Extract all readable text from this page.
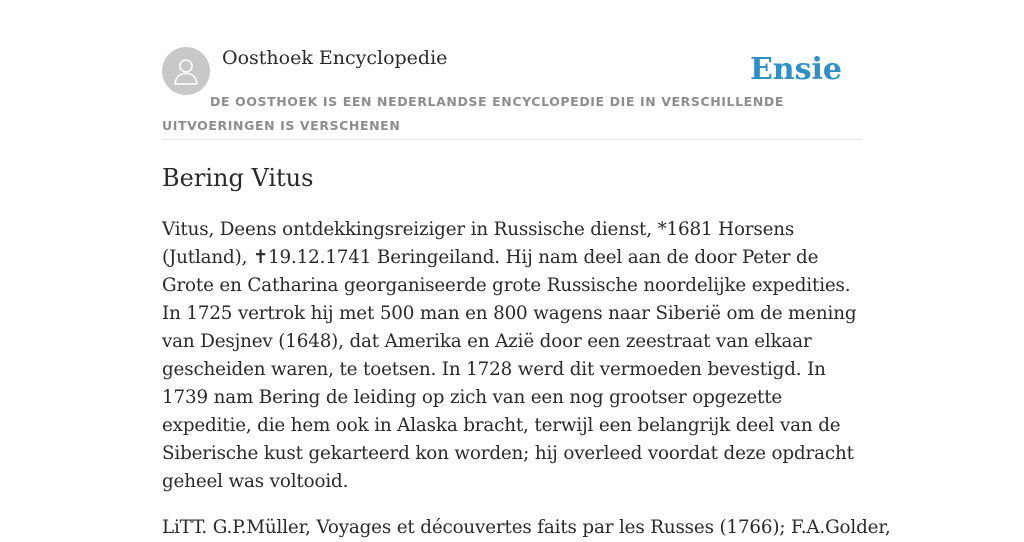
Oosthoek Encyclopedie	Ensie
DE OOSTHOEK IS EEN NEDERLANDSE ENCYCLOPEDIE DIE IN VERSCHILLENDE UITVOERINGEN IS VERSCHENEN
Bering Vitus

Vitus, Deens ontdekkingsreiziger in Russische dienst, *1681 Horsens (Jutland), ✝19.12.1741 Beringeiland. Hij nam deel aan de door Peter de Grote en Catharina georganiseerde grote Russische noordelijke expedities. In 1725 vertrok hij met 500 man en 800 wagens naar Siberië om de mening van Desjnev (1648), dat Amerika en Azië door een zeestraat van elkaar gescheiden waren, te toetsen. In 1728 werd dit vermoeden bevestigd. In 1739 nam Bering de leiding op zich van een nog grootser opgezette expeditie, die hem ook in Alaska bracht, terwijl een belangrijk deel van de Siberische kust gekarteerd kon worden; hij overleed voordat deze opdracht geheel was voltooid.

LiTT. G.P.Müller, Voyages et découvertes faits par les Russes (1766); F.A.Golder,
